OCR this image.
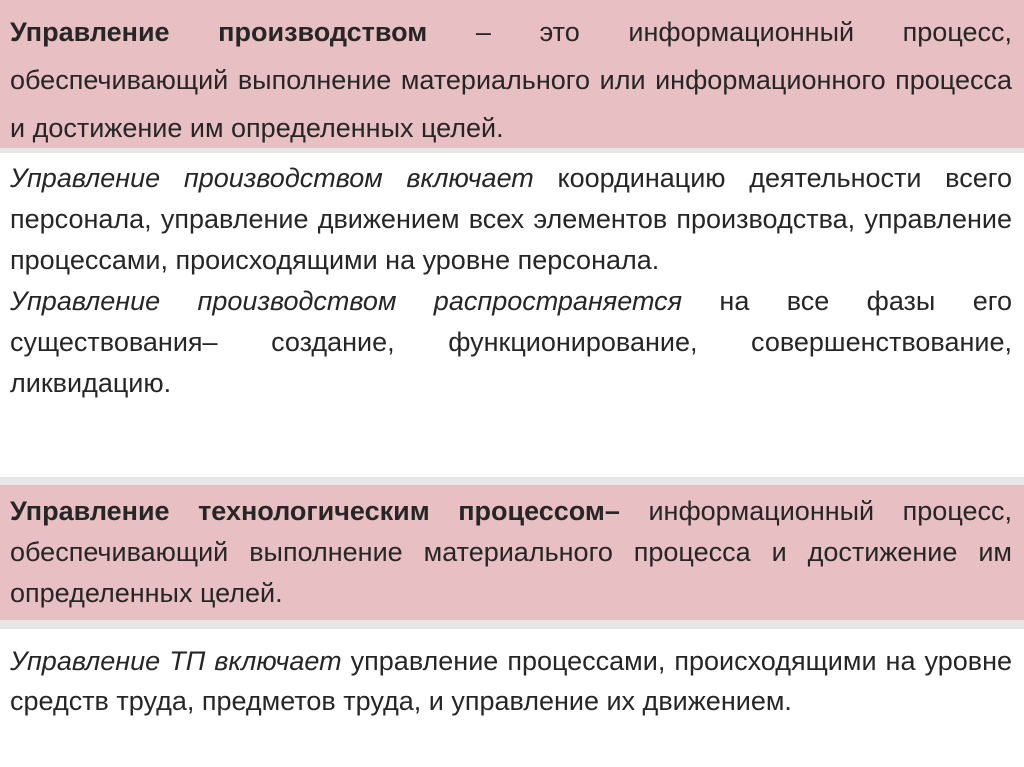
Управление производством – это информационный процесс, обеспечивающий выполнение материального или информационного процесса и достижение им определенных целей.

Управление производством включает координацию деятельности всего персонала, управление движением всех элементов производства, управление процессами, происходящими на уровне персонала.

Управление производством распространяется на все фазы его существования– создание, функционирование, совершенствование, ликвидацию.

Управление технологическим процессом– информационный процесс, обеспечивающий выполнение материального процесса и достижение им определенных целей.

Управление ТП включает управление процессами, происходящими на уровне средств труда, предметов труда, и управление их движением.
